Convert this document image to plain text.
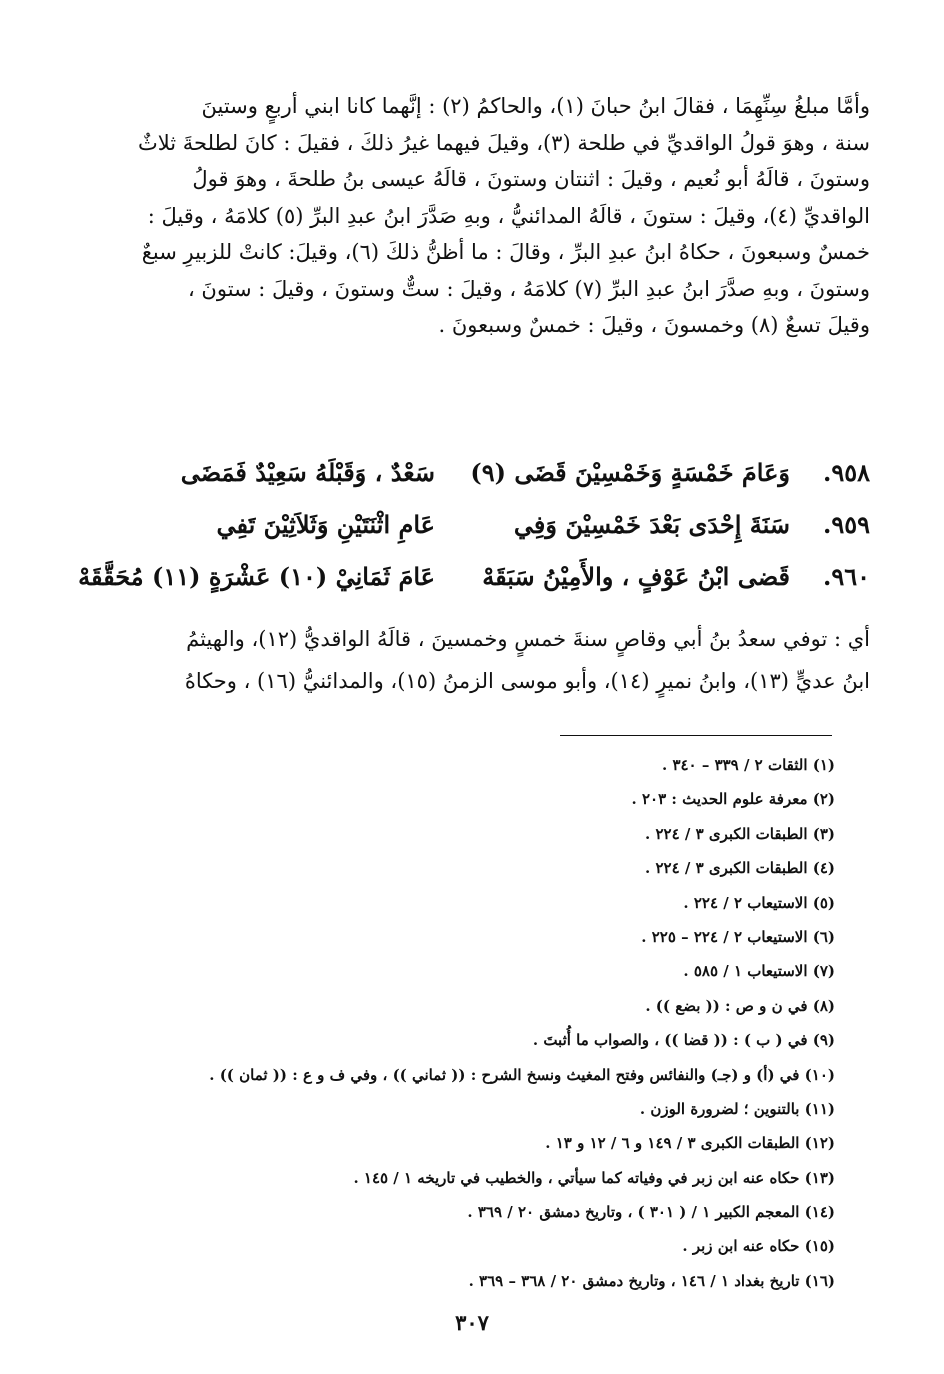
وأمَّا مبلغُ سِنِّهِمَا ، فقالَ ابنُ حبانَ (١)، والحاكمُ (٢) : إنَّهما كانا ابني أربعٍ وستينَ
سنة ، وهوَ قولُ الواقديِّ في طلحة (٣)، وقيلَ فيهما غيرُ ذلكَ ، فقيلَ : كانَ لطلحةَ ثلاثٌ
وستونَ ، قالَهُ أبو نُعيم ، وقيلَ : اثنتان وستونَ ، قالَهُ عيسى بنُ طلحةَ ، وهوَ قولُ
الواقديِّ (٤)، وقيلَ : ستونَ ، قالَهُ المدائنيُّ ، وبهِ صَدَّرَ ابنُ عبدِ البرِّ (٥) كلامَهُ ، وقيلَ :
خمسٌ وسبعونَ ، حكاهُ ابنُ عبدِ البرِّ ، وقالَ : ما أظنُّ ذلكَ (٦)، وقيلَ: كانتْ للزبيرِ سبعٌ
وستونَ ، وبهِ صدَّرَ ابنُ عبدِ البرِّ (٧) كلامَهُ ، وقيلَ : ستٌّ وستونَ ، وقيلَ : ستونَ ،
وقيلَ تسعٌ (٨) وخمسونَ ، وقيلَ : خمسٌ وسبعونَ .
٩٥٨.
وَعَامَ خَمْسَةٍ وَخَمْسِيْنَ قَضَى (٩)
سَعْدٌ ، وَقَبْلَهُ سَعِيْدٌ فَمَضَى
٩٥٩.
سَنَةَ إِحْدَى بَعْدَ خَمْسِيْنَ وَفِي
عَامِ اثْنَتَيْنِ وَثَلاَثِيْنَ تَفِي
٩٦٠.
قَضى ابْنُ عَوْفٍ ، والأَمِيْنُ سَبَقَهْ
عَامَ ثَمَانِيْ (١٠) عَشْرَةٍ (١١) مُحَقَّقَهْ
أي : توفي سعدُ بنُ أبي وقاصٍ سنةَ خمسٍ وخمسينَ ، قالَهُ الواقديُّ (١٢)، والهيثمُ
ابنُ عديٍّ (١٣)، وابنُ نميرٍ (١٤)، وأبو موسى الزمنُ (١٥)، والمدائنيُّ (١٦) ، وحكاهُ
(١) الثقات ٢ / ٣٣٩ – ٣٤٠ .
(٢) معرفة علوم الحديث : ٢٠٣ .
(٣) الطبقات الكبرى ٣ / ٢٢٤ .
(٤) الطبقات الكبرى ٣ / ٢٢٤ .
(٥) الاستيعاب ٢ / ٢٢٤ .
(٦) الاستيعاب ٢ / ٢٢٤ – ٢٢٥ .
(٧) الاستيعاب ١ / ٥٨٥ .
(٨) في ن و ص : (( بضع )) .
(٩) في ( ب ) : (( قضا )) ، والصواب ما أُثبتَ .
(١٠) في (أ) و (جـ) والنفائس وفتح المغيث ونسخ الشرح : (( ثماني )) ، وفي ف و ع : (( ثمان )) .
(١١) بالتنوين ؛ لضرورة الوزن .
(١٢) الطبقات الكبرى ٣ / ١٤٩ و ٦ / ١٢ و ١٣ .
(١٣) حكاه عنه ابن زبر في وفياته كما سيأتي ، والخطيب في تاريخه ١ / ١٤٥ .
(١٤) المعجم الكبير ١ / ( ٣٠١ ) ، وتاريخ دمشق ٢٠ / ٣٦٩ .
(١٥) حكاه عنه ابن زبر .
(١٦) تاريخ بغداد ١ / ١٤٦ ، وتاريخ دمشق ٢٠ / ٣٦٨ – ٣٦٩ .
٣٠٧
